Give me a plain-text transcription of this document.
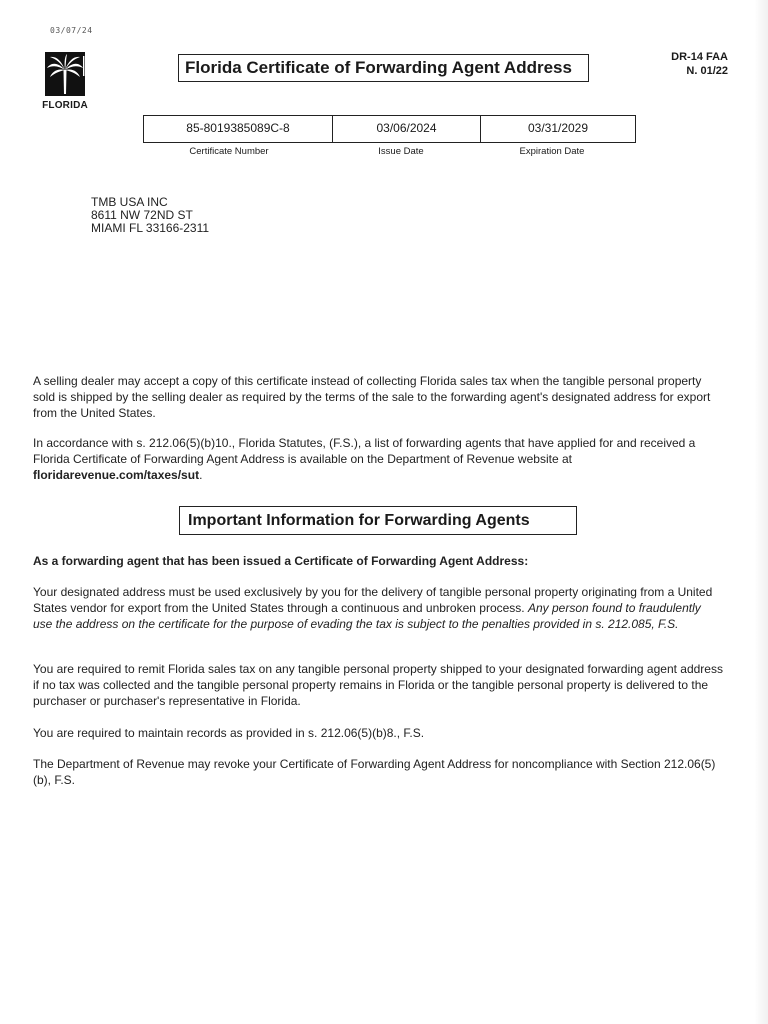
03/07/24
FLORIDA
Florida Certificate of Forwarding Agent Address
DR-14 FAA
N. 01/22
85-8019385089C-8	03/06/2024	03/31/2029
Certificate Number	Issue Date	Expiration Date
TMB USA INC
8611 NW 72ND ST
MIAMI FL 33166-2311

A selling dealer may accept a copy of this certificate instead of collecting Florida sales tax when the tangible personal property sold is shipped by the selling dealer as required by the terms of the sale to the forwarding agent's designated address for export from the United States.

In accordance with s. 212.06(5)(b)10., Florida Statutes, (F.S.), a list of forwarding agents that have applied for and received a Florida Certificate of Forwarding Agent Address is available on the Department of Revenue website at floridarevenue.com/taxes/sut.

Important Information for Forwarding Agents

As a forwarding agent that has been issued a Certificate of Forwarding Agent Address:

Your designated address must be used exclusively by you for the delivery of tangible personal property originating from a United States vendor for export from the United States through a continuous and unbroken process. Any person found to fraudulently use the address on the certificate for the purpose of evading the tax is subject to the penalties provided in s. 212.085, F.S.

You are required to remit Florida sales tax on any tangible personal property shipped to your designated forwarding agent address if no tax was collected and the tangible personal property remains in Florida or the tangible personal property is delivered to the purchaser or purchaser's representative in Florida.

You are required to maintain records as provided in s. 212.06(5)(b)8., F.S.

The Department of Revenue may revoke your Certificate of Forwarding Agent Address for noncompliance with Section 212.06(5)(b), F.S.
